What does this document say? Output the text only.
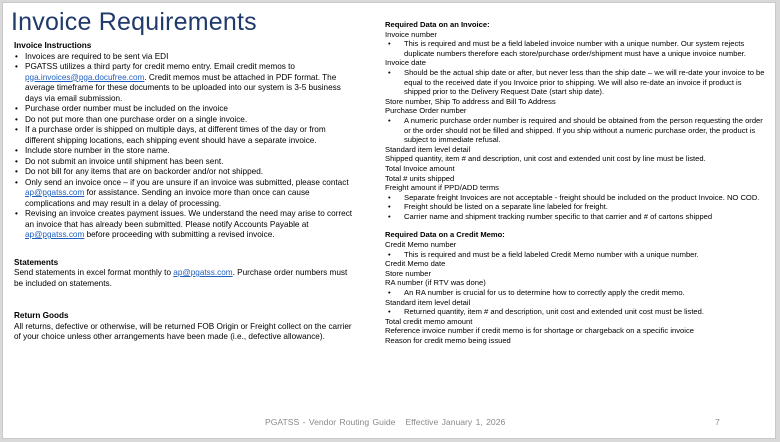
Invoice Requirements
Invoice Instructions
• Invoices are required to be sent via EDI
• PGATSS utilizes a third party for credit memo entry. Email credit memos to pga.invoices@pga.docufree.com. Credit memos must be attached in PDF format. The average timeframe for these documents to be uploaded into our system is 3-5 business days via email submission.
• Purchase order number must be included on the invoice
• Do not put more than one purchase order on a single invoice.
• If a purchase order is shipped on multiple days, at different times of the day or from different shipping locations, each shipping event should have a separate invoice.
• Include store number in the store name.
• Do not submit an invoice until shipment has been sent.
• Do not bill for any items that are on backorder and/or not shipped.
• Only send an invoice once – if you are unsure if an invoice was submitted, please contact ap@pgatss.com for assistance. Sending an invoice more than once can cause complications and may result in a delay of processing.
• Revising an invoice creates payment issues. We understand the need may arise to correct an invoice that has already been submitted. Please notify Accounts Payable at ap@pgatss.com before proceeding with submitting a revised invoice.
Statements
Send statements in excel format monthly to ap@pgatss.com. Purchase order numbers must be included on statements.
Return Goods
All returns, defective or otherwise, will be returned FOB Origin or Freight collect on the carrier of your choice unless other arrangements have been made (i.e., defective allowance).
Required Data on an Invoice:
Invoice number
• This is required and must be a field labeled invoice number with a unique number. Our system rejects duplicate numbers therefore each store/purchase order/shipment must have a unique invoice number.
Invoice date
• Should be the actual ship date or after, but never less than the ship date – we will re-date your invoice to be equal to the received date if you Invoice prior to shipping. We will also re-date an invoice if product is shipped prior to the Delivery Request Date (start ship date).
Store number, Ship To address and Bill To Address
Purchase Order number
• A numeric purchase order number is required and should be obtained from the person requesting the order or the order should not be filled and shipped. If you ship without a numeric purchase order, the product is subject to immediate refusal.
Standard item level detail
Shipped quantity, item # and description, unit cost and extended unit cost by line must be listed.
Total Invoice amount
Total # units shipped
Freight amount if PPD/ADD terms
• Separate freight Invoices are not acceptable - freight should be included on the product Invoice. NO COD.
• Freight should be listed on a separate line labeled for freight.
• Carrier name and shipment tracking number specific to that carrier and # of cartons shipped
Required Data on a Credit Memo:
Credit Memo number
• This is required and must be a field labeled Credit Memo number with a unique number.
Credit Memo date
Store number
RA number (if RTV was done)
• An RA number is crucial for us to determine how to correctly apply the credit memo.
Standard item level detail
• Returned quantity, item # and description, unit cost and extended unit cost must be listed.
Total credit memo amount
Reference invoice number if credit memo is for shortage or chargeback on a specific invoice
Reason for credit memo being issued
PGATSS - Vendor Routing Guide Effective January 1, 2026	7
